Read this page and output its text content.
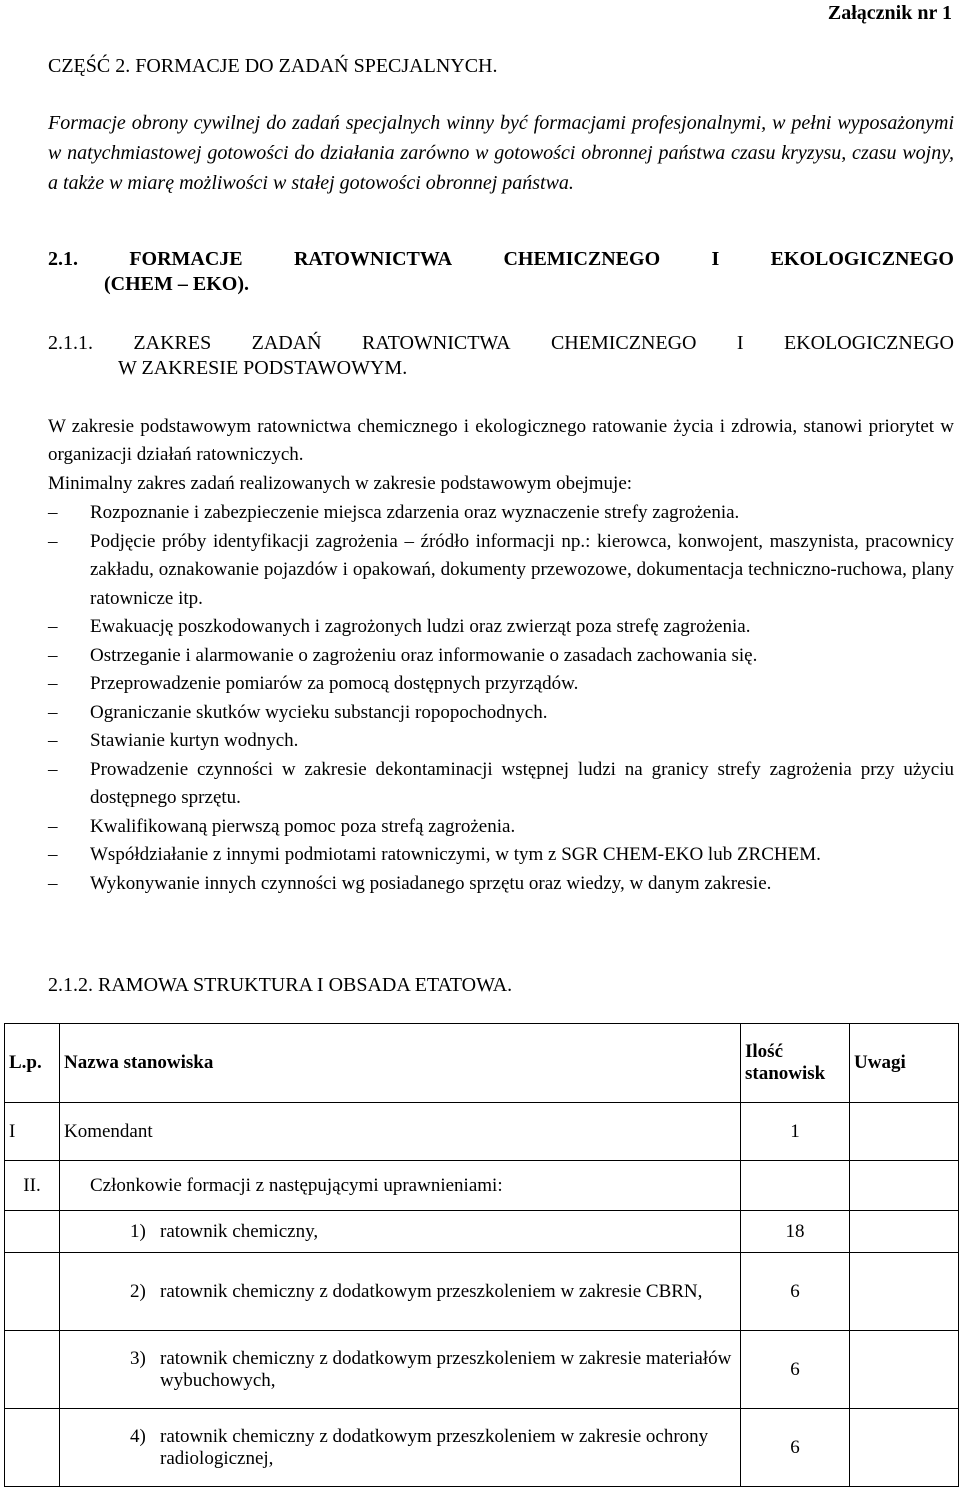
Załącznik nr 1
CZĘŚĆ 2. FORMACJE DO ZADAŃ SPECJALNYCH.

Formacje obrony cywilnej do zadań specjalnych winny być formacjami profesjonalnymi, w pełni wyposażonymi w natychmiastowej gotowości do działania zarówno w gotowości obronnej państwa czasu kryzysu, czasu wojny, a także w miarę możliwości w stałej gotowości obronnej państwa.

2.1.	FORMACJE	RATOWNICTWA	CHEMICZNEGO	I	EKOLOGICZNEGO
(CHEM – EKO).
2.1.1. ZAKRES ZADAŃ RATOWNICTWA CHEMICZNEGO I EKOLOGICZNEGO
W ZAKRESIE PODSTAWOWYM.

W zakresie podstawowym ratownictwa chemicznego i ekologicznego ratowanie życia i zdrowia, stanowi priorytet w organizacji działań ratowniczych.

Minimalny zakres zadań realizowanych w zakresie podstawowym obejmuje:

– Rozpoznanie i zabezpieczenie miejsca zdarzenia oraz wyznaczenie strefy zagrożenia.
– Podjęcie próby identyfikacji zagrożenia – źródło informacji np.: kierowca, konwojent, maszynista, pracownicy zakładu, oznakowanie pojazdów i opakowań, dokumenty przewozowe, dokumentacja techniczno-ruchowa, plany ratownicze itp.
– Ewakuację poszkodowanych i zagrożonych ludzi oraz zwierząt poza strefę zagrożenia.
– Ostrzeganie i alarmowanie o zagrożeniu oraz informowanie o zasadach zachowania się.
– Przeprowadzenie pomiarów za pomocą dostępnych przyrządów.
– Ograniczanie skutków wycieku substancji ropopochodnych.
– Stawianie kurtyn wodnych.
– Prowadzenie czynności w zakresie dekontaminacji wstępnej ludzi na granicy strefy zagrożenia przy użyciu dostępnego sprzętu.
– Kwalifikowaną pierwszą pomoc poza strefą zagrożenia.
– Współdziałanie z innymi podmiotami ratowniczymi, w tym z SGR CHEM-EKO lub ZRCHEM.
– Wykonywanie innych czynności wg posiadanego sprzętu oraz wiedzy, w danym zakresie.
2.1.2. RAMOWA STRUKTURA I OBSADA ETATOWA.
L.p.	Nazwa stanowiska	Ilość stanowisk	Uwagi
I	Komendant	1	
II.	Członkowie formacji z następującymi uprawnieniami:		

	1) ratownik chemiczny,	18	

	2) ratownik chemiczny z dodatkowym przeszkoleniem w zakresie CBRN,	6	

	3) ratownik chemiczny z dodatkowym przeszkoleniem w zakresie materiałów wybuchowych,	6	

	4) ratownik chemiczny z dodatkowym przeszkoleniem w zakresie ochrony radiologicznej,	6	
